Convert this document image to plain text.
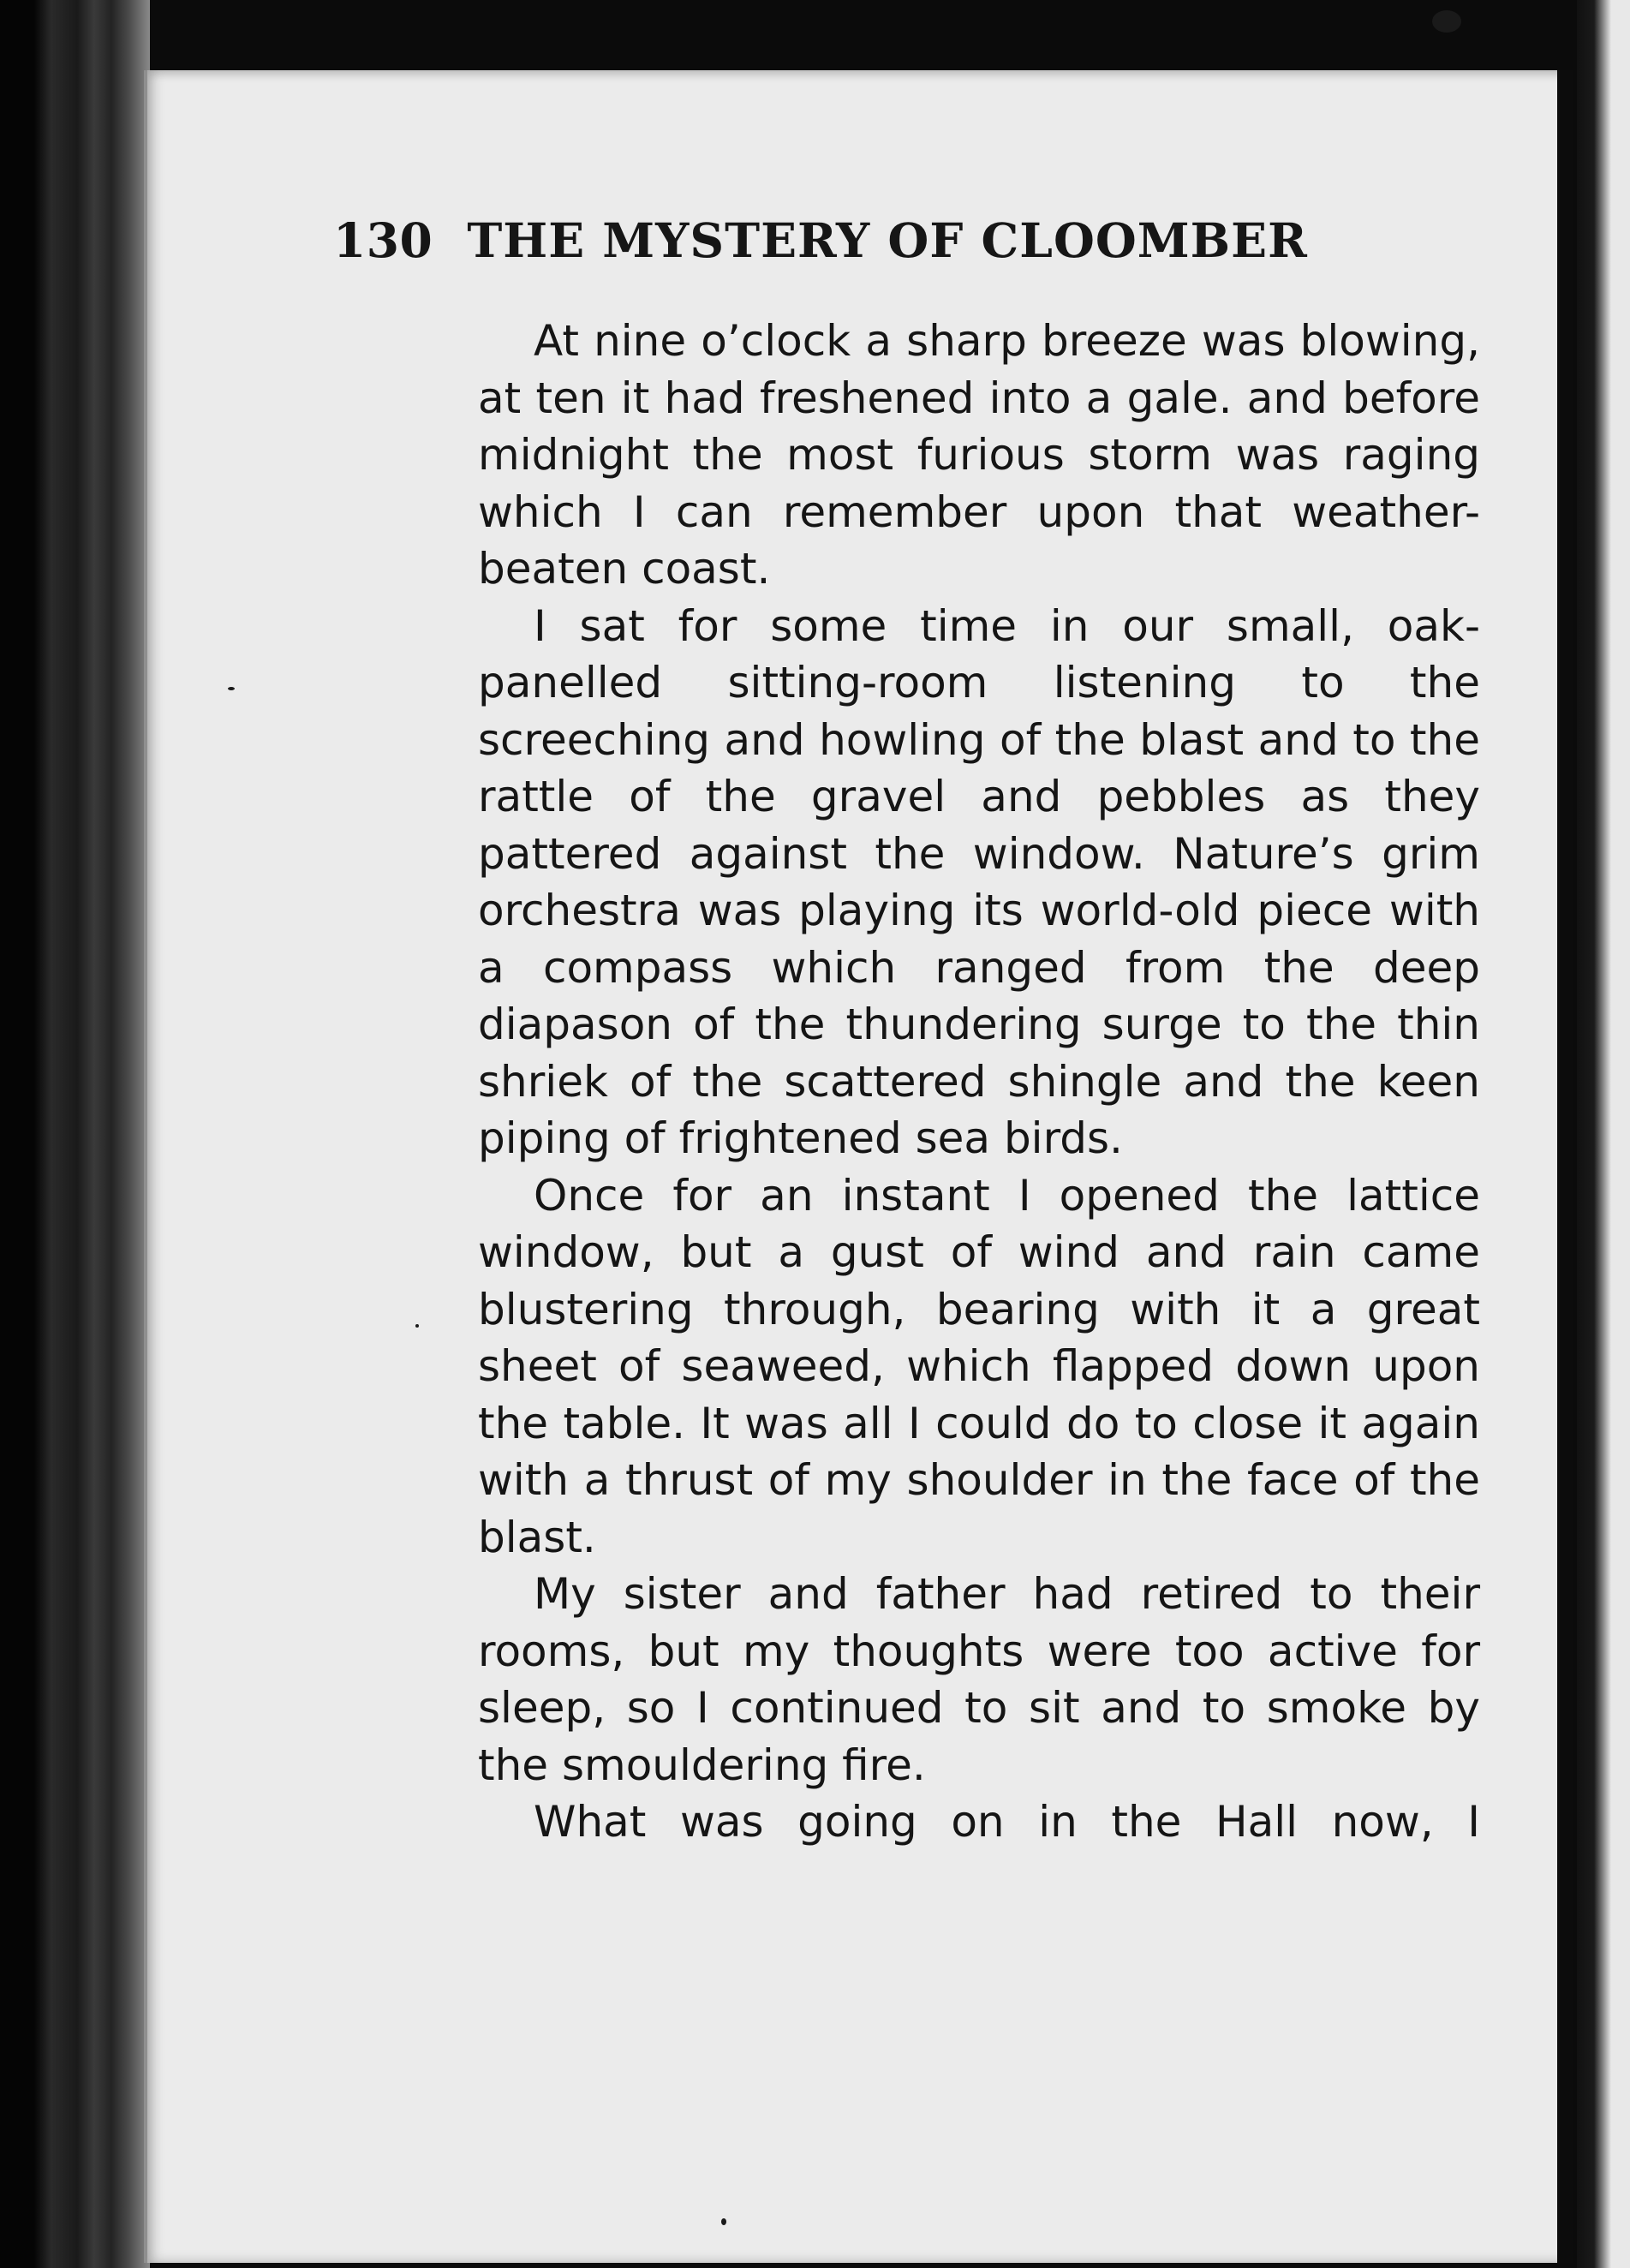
130 THE MYSTERY OF CLOOMBER

At nine o’clock a sharp breeze was blowing, at ten it had freshened into a gale. and before midnight the most furious storm was raging which I can remember upon that weather-beaten coast.

I sat for some time in our small, oak-panelled sitting-room listening to the screeching and howling of the blast and to the rattle of the gravel and pebbles as they pattered against the window. Nature’s grim orchestra was playing its world-old piece with a compass which ranged from the deep diapason of the thundering surge to the thin shriek of the scattered shingle and the keen piping of frightened sea birds.

Once for an instant I opened the lattice window, but a gust of wind and rain came blustering through, bearing with it a great sheet of seaweed, which flapped down upon the table. It was all I could do to close it again with a thrust of my shoulder in the face of the blast.

My sister and father had retired to their rooms, but my thoughts were too active for sleep, so I continued to sit and to smoke by the smouldering fire.

What was going on in the Hall now, I
